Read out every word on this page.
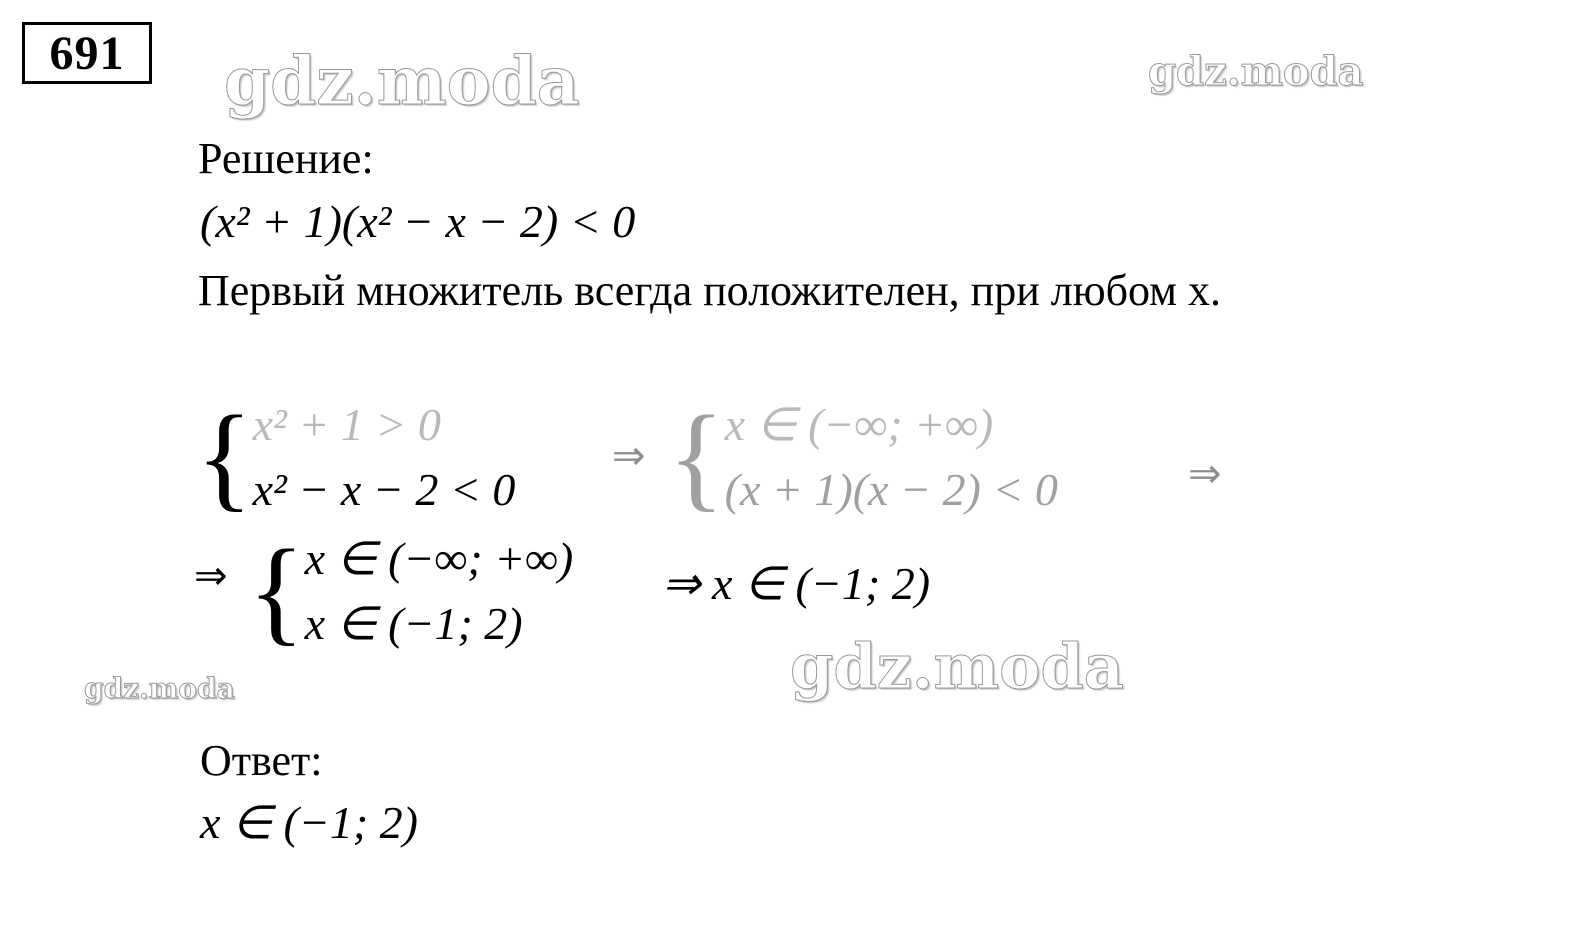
691 gdz.moda	gdz.moda
gdz.moda
gdz.moda
Решение:
(x² + 1)(x² − x − 2) < 0
Первый множитель всегда положителен, при любом x.
{ x² + 1 > 0
x² − x − 2 < 0
⇒ { x ∈ (−∞; +∞)
(x + 1)(x − 2) < 0	⇒
⇒ { x ∈ (−∞; +∞)
x ∈ (−1; 2)
⇒ x ∈ (−1; 2)
Ответ:
x ∈ (−1; 2)
